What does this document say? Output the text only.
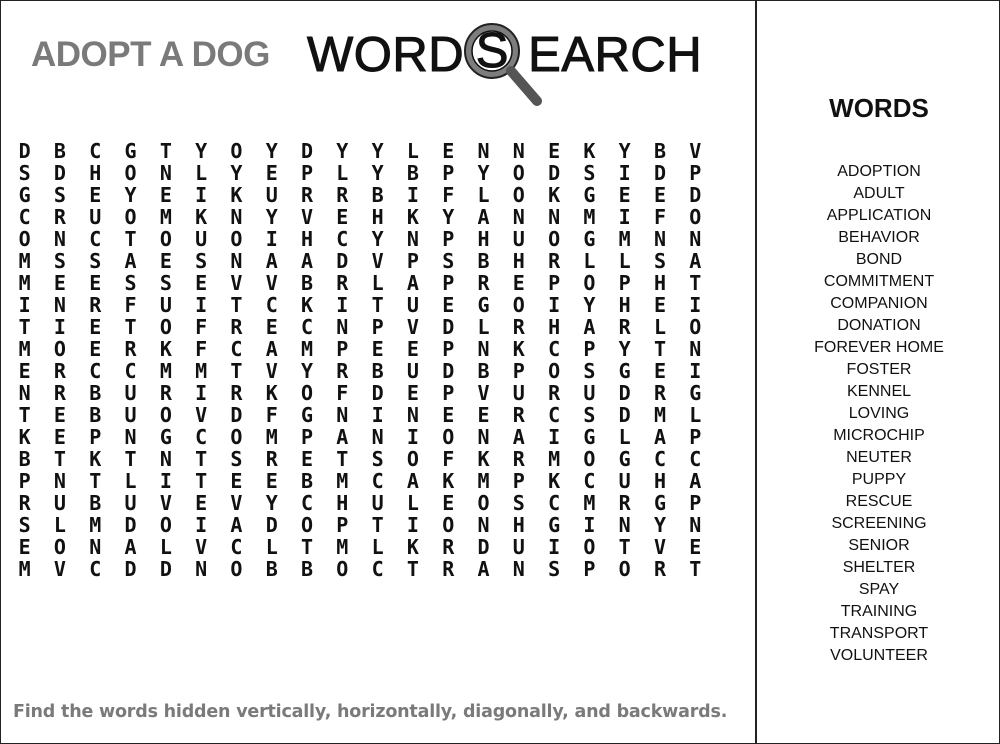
ADOPT A DOG WORD S EARCH
D	B	C	G	T	Y	O	Y	D	Y	Y	L	E	N	N	E	K	Y	B	V
S	D	H	O	N	L	Y	E	P	L	Y	B	P	Y	O	D	S	I	D	P
G	S	E	Y	E	I	K	U	R	R	B	I	F	L	O	K	G	E	E	D
C	R	U	O	M	K	N	Y	V	E	H	K	Y	A	N	N	M	I	F	O
O	N	C	T	O	U	O	I	H	C	Y	N	P	H	U	O	G	M	N	N
M	S	S	A	E	S	N	A	A	D	V	P	S	B	H	R	L	L	S	A
M	E	E	S	S	E	V	V	B	R	L	A	P	R	E	P	O	P	H	T
I	N	R	F	U	I	T	C	K	I	T	U	E	G	O	I	Y	H	E	I
T	I	E	T	O	F	R	E	C	N	P	V	D	L	R	H	A	R	L	O
M	O	E	R	K	F	C	A	M	P	E	E	P	N	K	C	P	Y	T	N
E	R	C	C	M	M	T	V	Y	R	B	U	D	B	P	O	S	G	E	I
N	R	B	U	R	I	R	K	O	F	D	E	P	V	U	R	U	D	R	G
T	E	B	U	O	V	D	F	G	N	I	N	E	E	R	C	S	D	M	L
K	E	P	N	G	C	O	M	P	A	N	I	O	N	A	I	G	L	A	P
B	T	K	T	N	T	S	R	E	T	S	O	F	K	R	M	O	G	C	C
P	N	T	L	I	T	E	E	B	M	C	A	K	M	P	K	C	U	H	A
R	U	B	U	V	E	V	Y	C	H	U	L	E	O	S	C	M	R	G	P
S	L	M	D	O	I	A	D	O	P	T	I	O	N	H	G	I	N	Y	N
E	O	N	A	L	V	C	L	T	M	L	K	R	D	U	I	O	T	V	E
M	V	C	D	D	N	O	B	B	O	C	T	R	A	N	S	P	O	R	T
Find the words hidden vertically, horizontally, diagonally, and backwards.
WORDS
ADOPTION
ADULT
APPLICATION
BEHAVIOR
BOND
COMMITMENT
COMPANION
DONATION
FOREVER HOME
FOSTER
KENNEL
LOVING
MICROCHIP
NEUTER
PUPPY
RESCUE
SCREENING
SENIOR
SHELTER
SPAY
TRAINING
TRANSPORT
VOLUNTEER
